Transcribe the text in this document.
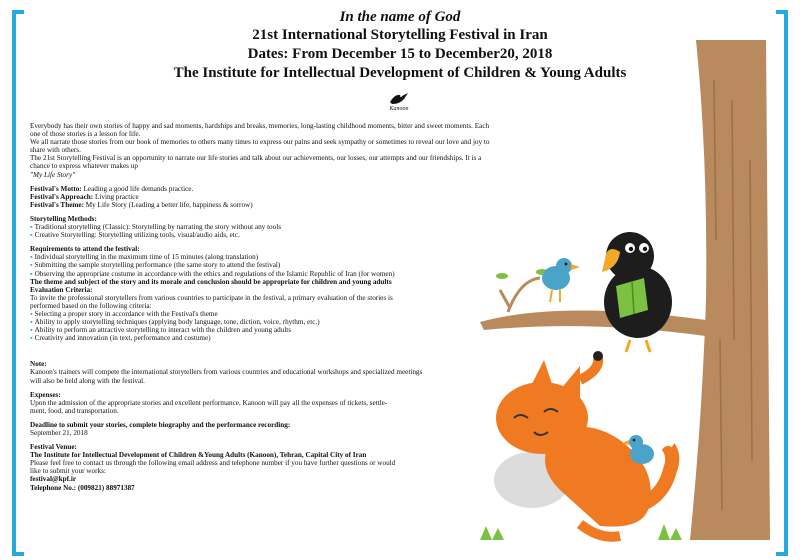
In the name of God
21st International Storytelling Festival in Iran
Dates: From December 15 to December20, 2018
The Institute for Intellectual Development of Children & Young Adults
Kanoon

Everybody has their own stories of happy and sad moments, hardships and breaks, memories, long-lasting childhood moments, bitter and sweet moments. Each one of those stories is a lesson for life.

We all narrate those stories from our book of memories to others many times to express our pains and seek sympathy or sometimes to reveal our love and joy to share with others.

The 21st Storytelling Festival is an opportunity to narrate our life stories and talk about our achievements, our losses, our attempts and our friendships. It is a chance to express whatever makes up

"My Life Story"

Festival's Motto: Leading a good life demands practice.

Festival's Approach: Living practice

Festival's Theme: My Life Story (Leading a better life, happiness & sorrow)

Storytelling Methods:

▪ Traditional storytelling (Classic): Storytelling by narrating the story without any tools

▪ Creative Storytelling: Storytelling utilizing tools, visual/audio aids, etc.

Requirements to attend the festival:

▪ Individual storytelling in the maximum time of 15 minutes (along translation)

▪ Submitting the sample storytelling performance (the same story to attend the festival)

▪ Observing the appropriate costume in accordance with the ethics and regulations of the Islamic Republic of Iran (for women)

The theme and subject of the story and its morale and conclusion should be appropriate for children and young adults

Evaluation Criteria:

To invite the professional storytellers from various countries to participate in the festival, a primary evaluation of the stories is

performed based on the following criteria:

▪ Selecting a proper story in accordance with the Festival's theme

▪ Ability to apply storytelling techniques (applying body language, tone, diction, voice, rhythm, etc.)

▪ Ability to perform an attractive storytelling to interact with the children and young adults

▪ Creativity and innovation (in text, performance and costume)

Note:

Kanoon's trainers will compete the international storytellers from various countries and educational workshops and specialized meetings

will also be held along with the festival.

Expenses:

Upon the admission of the appropriate stories and excellent performance, Kanoon will pay all the expenses of tickets, settle-

ment, food, and transportation.

Deadline to submit your stories, complete biography and the performance recording:

September 21, 2018

Festival Venue:

The Institute for Intellectual Development of Children &Young Adults (Kanoon), Tehran, Capital City of Iran

Please feel free to contact us through the following email address and telephone number if you have further questions or would

like to submit your works:

festival@kpf.ir

Telephone No.: (009821) 88971387
